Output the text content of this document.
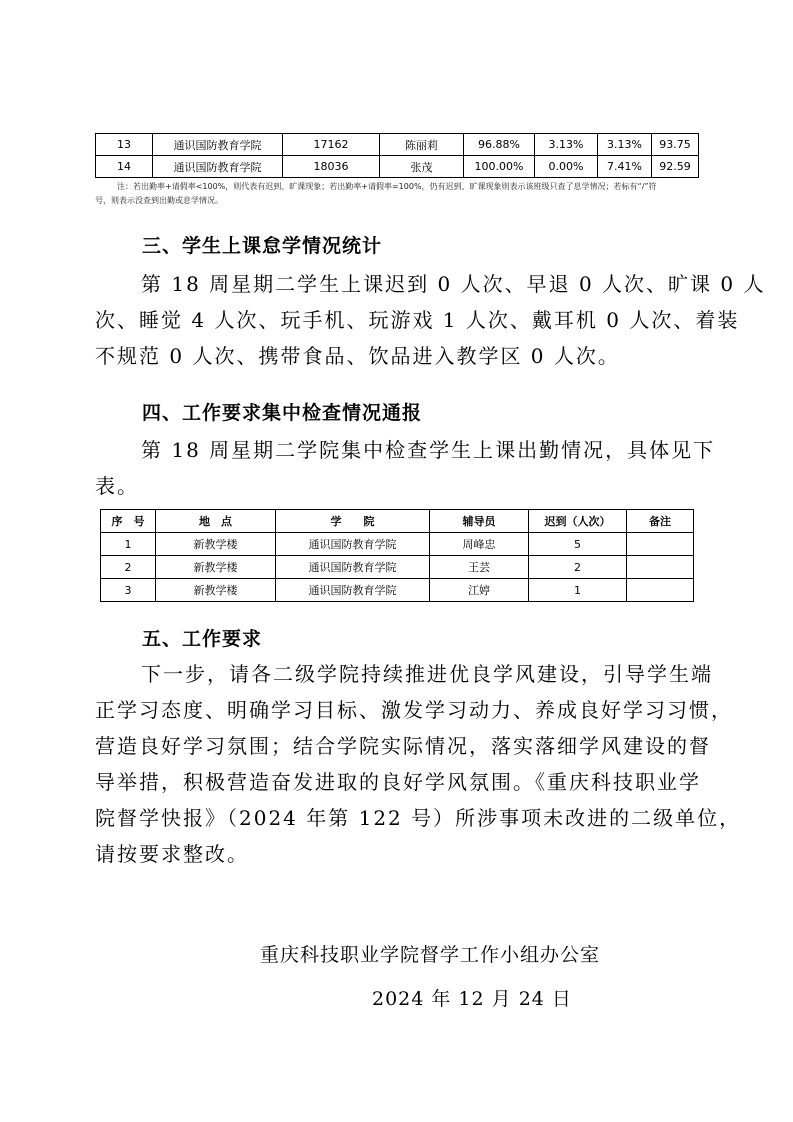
13	通识国防教育学院	17162	陈丽莉	96.88%	3.13%	3.13%	93.75
14	通识国防教育学院	18036	张茂	100.00%	0.00%	7.41%	92.59
注：若出勤率+请假率<100%，则代表有迟到、旷课现象；若出勤率+请假率=100%，仍有迟到、旷课现象则表示该班级只查了息学情况；若标有“/”符
号，则表示没查到出勤或息学情况。
三、学生上课怠学情况统计
第 18 周星期二学生上课迟到 0 人次、早退 0 人次、旷课 0 人
次、睡觉 4 人次、玩手机、玩游戏 1 人次、戴耳机 0 人次、着装
不规范 0 人次、携带食品、饮品进入教学区 0 人次。
四、工作要求集中检查情况通报
第 18 周星期二学院集中检查学生上课出勤情况，具体见下
表。
序　号	地　点	学　　院	辅导员	迟到（人次）	备注
1	新教学楼	通识国防教育学院	周峰忠	5	
2	新教学楼	通识国防教育学院	王芸	2	
3	新教学楼	通识国防教育学院	江婷	1	
五、工作要求
下一步，请各二级学院持续推进优良学风建设，引导学生端
正学习态度、明确学习目标、激发学习动力、养成良好学习习惯，
营造良好学习氛围；结合学院实际情况，落实落细学风建设的督
导举措，积极营造奋发进取的良好学风氛围。《重庆科技职业学
院督学快报》（2024 年第 122 号）所涉事项未改进的二级单位，
请按要求整改。
重庆科技职业学院督学工作小组办公室
2024 年 12 月 24 日
